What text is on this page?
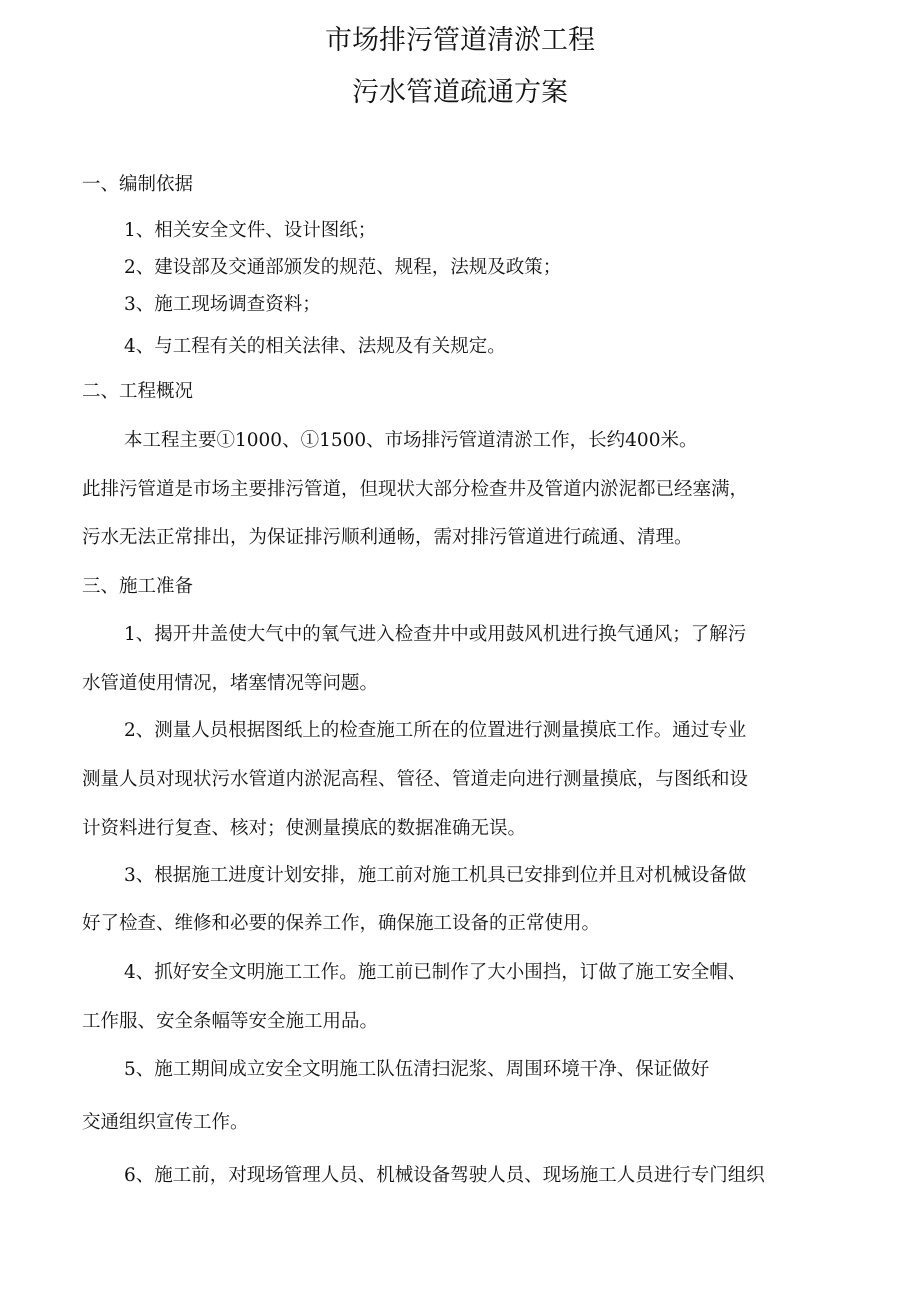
市场排污管道清淤工程
污水管道疏通方案
一、编制依据
1、相关安全文件、设计图纸；
2、建设部及交通部颁发的规范、规程，法规及政策；
3、施工现场调查资料；
4、与工程有关的相关法律、法规及有关规定。
二、工程概况
本工程主要①1000、①1500、市场排污管道清淤工作，长约400米。
此排污管道是市场主要排污管道，但现状大部分检查井及管道内淤泥都已经塞满，
污水无法正常排出，为保证排污顺利通畅，需对排污管道进行疏通、清理。
三、施工准备
1、揭开井盖使大气中的氧气进入检查井中或用鼓风机进行换气通风；了解污
水管道使用情况，堵塞情况等问题。
2、测量人员根据图纸上的检查施工所在的位置进行测量摸底工作。通过专业
测量人员对现状污水管道内淤泥高程、管径、管道走向进行测量摸底，与图纸和设
计资料进行复查、核对；使测量摸底的数据准确无误。
3、根据施工进度计划安排，施工前对施工机具已安排到位并且对机械设备做
好了检查、维修和必要的保养工作，确保施工设备的正常使用。
4、抓好安全文明施工工作。施工前已制作了大小围挡，订做了施工安全帽、
工作服、安全条幅等安全施工用品。
5、施工期间成立安全文明施工队伍清扫泥浆、周围环境干净、保证做好
交通组织宣传工作。
6、施工前，对现场管理人员、机械设备驾驶人员、现场施工人员进行专门组织
